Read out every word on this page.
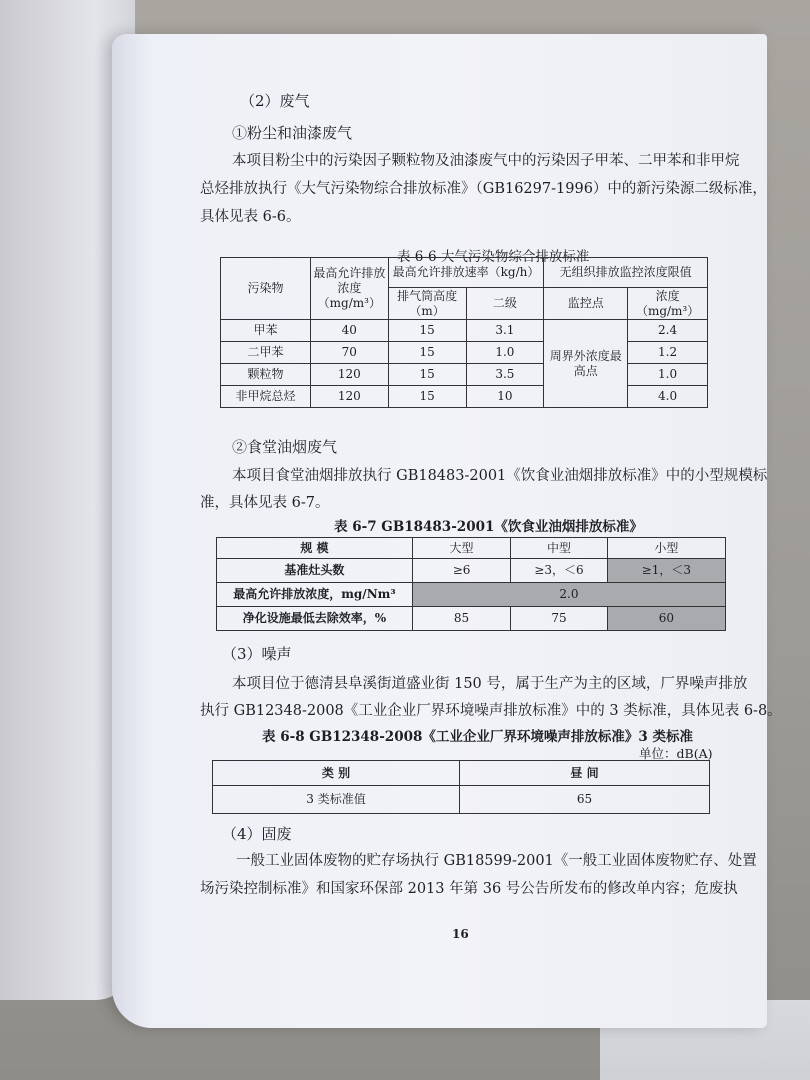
（2）废气
①粉尘和油漆废气
本项目粉尘中的污染因子颗粒物及油漆废气中的污染因子甲苯、二甲苯和非甲烷
总烃排放执行《大气污染物综合排放标准》（GB16297-1996）中的新污染源二级标准，
具体见表 6-6。
表 6-6 大气污染物综合排放标准
污染物	最高允许排放浓度（mg/m³）	最高允许排放速率（kg/h）		无组织排放监控浓度限值	
		排气筒高度（m）	二级	监控点	浓度（mg/m³）
甲苯	40	15	3.1	周界外浓度最高点	2.4
二甲苯	70	15	1.0		1.2
颗粒物	120	15	3.5		1.0
非甲烷总烃	120	15	10		4.0
②食堂油烟废气
本项目食堂油烟排放执行 GB18483-2001《饮食业油烟排放标准》中的小型规模标
准，具体见表 6-7。
表 6-7 GB18483-2001《饮食业油烟排放标准》
规 模	大型	中型	小型
基准灶头数	≥6	≥3，＜6	≥1，＜3
最高允许排放浓度，mg/Nm³	2.0		
净化设施最低去除效率，%	85	75	60
（3）噪声
本项目位于德清县阜溪街道盛业街 150 号，属于生产为主的区域，厂界噪声排放
执行 GB12348-2008《工业企业厂界环境噪声排放标准》中的 3 类标准，具体见表 6-8。
表 6-8 GB12348-2008《工业企业厂界环境噪声排放标准》3 类标准
单位：dB(A)
类 别	昼 间
3 类标准值	65
（4）固废
一般工业固体废物的贮存场执行 GB18599-2001《一般工业固体废物贮存、处置
场污染控制标准》和国家环保部 2013 年第 36 号公告所发布的修改单内容；危废执
16
